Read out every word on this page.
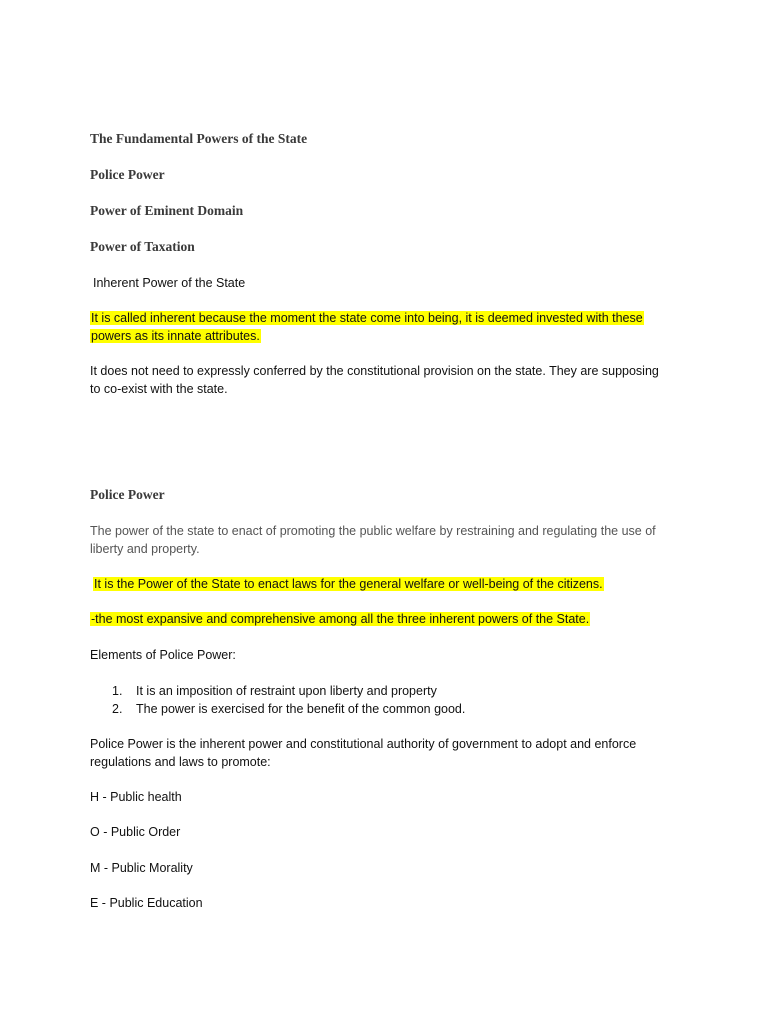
The Fundamental Powers of the State
Police Power
Power of Eminent Domain
Power of Taxation
Inherent Power of the State
It is called inherent because the moment the state come into being, it is deemed invested with these
powers as its innate attributes.
It does not need to expressly conferred by the constitutional provision on the state. They are supposing
to co-exist with the state.
Police Power
The power of the state to enact of promoting the public welfare by restraining and regulating the use of
liberty and property.
It is the Power of the State to enact laws for the general welfare or well-being of the citizens.
-the most expansive and comprehensive among all the three inherent powers of the State.
Elements of Police Power:
1. It is an imposition of restraint upon liberty and property
2. The power is exercised for the benefit of the common good.
Police Power is the inherent power and constitutional authority of government to adopt and enforce
regulations and laws to promote:
H - Public health
O - Public Order
M - Public Morality
E - Public Education
